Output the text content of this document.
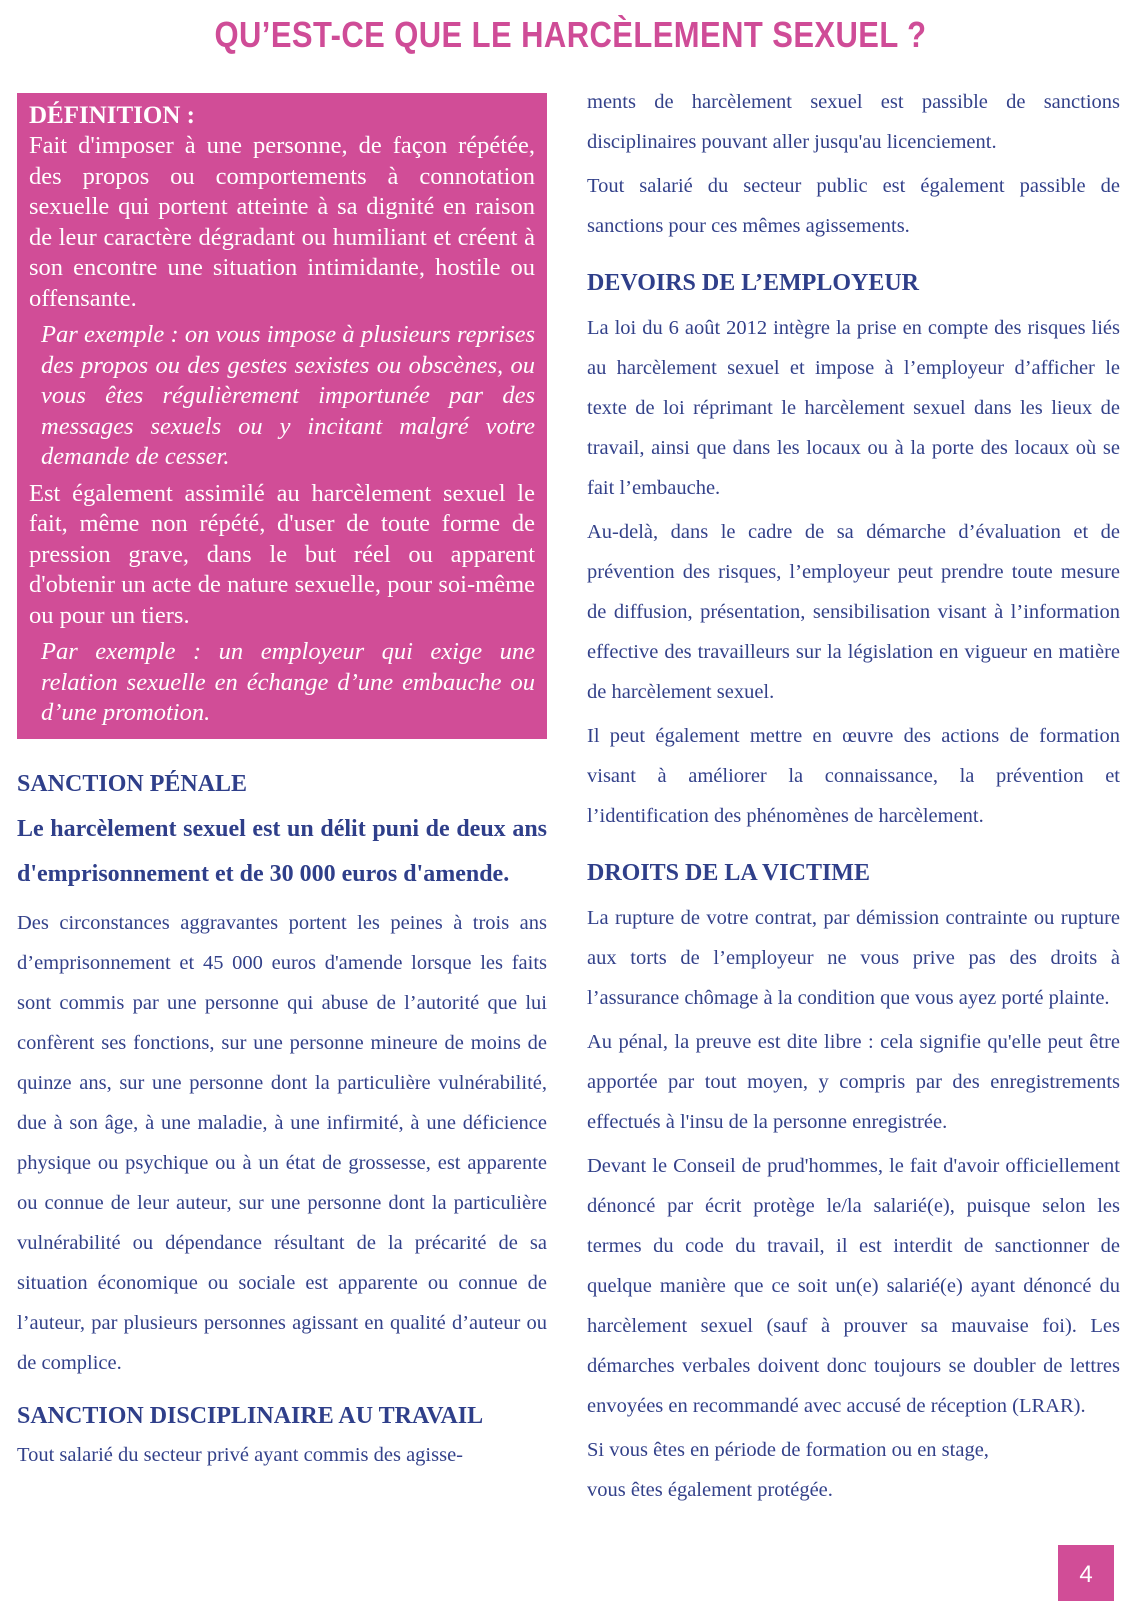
QU’EST-CE QUE LE HARCÈLEMENT SEXUEL ?
DÉFINITION :

Fait d'imposer à une personne, de façon répétée, des propos ou comportements à connotation sexuelle qui portent atteinte à sa dignité en raison de leur caractère dégradant ou humiliant et créent à son encontre une situation intimidante, hostile ou offensante.

Par exemple : on vous impose à plusieurs reprises des propos ou des gestes sexistes ou obscènes, ou vous êtes régulièrement importunée par des messages sexuels ou y incitant malgré votre demande de cesser.

Est également assimilé au harcèlement sexuel le fait, même non répété, d'user de toute forme de pression grave, dans le but réel ou apparent d'obtenir un acte de nature sexuelle, pour soi-même ou pour un tiers.

Par exemple : un employeur qui exige une relation sexuelle en échange d’une embauche ou d’une promotion.

SANCTION PÉNALE

Le harcèlement sexuel est un délit puni de deux ans d'emprisonnement et de 30 000 euros d'amende.

Des circonstances aggravantes portent les peines à trois ans d’emprisonnement et 45 000 euros d'amende lorsque les faits sont commis par une personne qui abuse de l’autorité que lui confèrent ses fonctions, sur une personne mineure de moins de quinze ans, sur une personne dont la particulière vulnérabilité, due à son âge, à une maladie, à une infirmité, à une déficience physique ou psychique ou à un état de grossesse, est apparente ou connue de leur auteur, sur une personne dont la particulière vulnérabilité ou dépendance résultant de la précarité de sa situation économique ou sociale est apparente ou connue de l’auteur, par plusieurs personnes agissant en qualité d’auteur ou de complice.

SANCTION DISCIPLINAIRE AU TRAVAIL

Tout salarié du secteur privé ayant commis des agisse-

ments de harcèlement sexuel est passible de sanctions disciplinaires pouvant aller jusqu'au licenciement.

Tout salarié du secteur public est également passible de sanctions pour ces mêmes agissements.

DEVOIRS DE L’EMPLOYEUR

La loi du 6 août 2012 intègre la prise en compte des risques liés au harcèlement sexuel et impose à l’employeur d’afficher le texte de loi réprimant le harcèlement sexuel dans les lieux de travail, ainsi que dans les locaux ou à la porte des locaux où se fait l’embauche.

Au-delà, dans le cadre de sa démarche d’évaluation et de prévention des risques, l’employeur peut prendre toute mesure de diffusion, présentation, sensibilisation visant à l’information effective des travailleurs sur la législation en vigueur en matière de harcèlement sexuel.

Il peut également mettre en œuvre des actions de formation visant à améliorer la connaissance, la prévention et l’identification des phénomènes de harcèlement.

DROITS DE LA VICTIME

La rupture de votre contrat, par démission contrainte ou rupture aux torts de l’employeur ne vous prive pas des droits à l’assurance chômage à la condition que vous ayez porté plainte.

Au pénal, la preuve est dite libre : cela signifie qu'elle peut être apportée par tout moyen, y compris par des enregistrements effectués à l'insu de la personne enregistrée.

Devant le Conseil de prud'hommes, le fait d'avoir officiellement dénoncé par écrit protège le/la salarié(e), puisque selon les termes du code du travail, il est interdit de sanctionner de quelque manière que ce soit un(e) salarié(e) ayant dénoncé du harcèlement sexuel (sauf à prouver sa mauvaise foi). Les démarches verbales doivent donc toujours se doubler de lettres envoyées en recommandé avec accusé de réception (LRAR).

Si vous êtes en période de formation ou en stage, vous êtes également protégée.

4
